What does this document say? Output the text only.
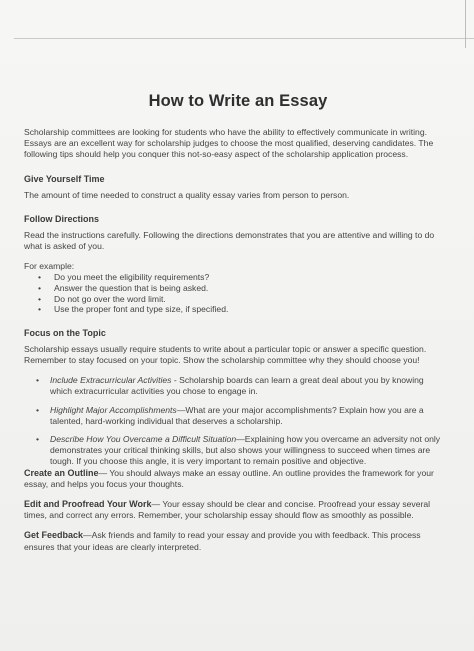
How to Write an Essay

Scholarship committees are looking for students who have the ability to effectively communicate in writing. Essays are an excellent way for scholarship judges to choose the most qualified, deserving candidates. The following tips should help you conquer this not-so-easy aspect of the scholarship application process.

Give Yourself Time

The amount of time needed to construct a quality essay varies from person to person.

Follow Directions

Read the instructions carefully. Following the directions demonstrates that you are attentive and willing to do what is asked of you.

For example:

• Do you meet the eligibility requirements?
• Answer the question that is being asked.
• Do not go over the word limit.
• Use the proper font and type size, if specified.
Focus on the Topic

Scholarship essays usually require students to write about a particular topic or answer a specific question. Remember to stay focused on your topic. Show the scholarship committee why they should choose you!

• Include Extracurricular Activities - Scholarship boards can learn a great deal about you by knowing which extracurricular activities you chose to engage in.
• Highlight Major Accomplishments—What are your major accomplishments? Explain how you are a talented, hard-working individual that deserves a scholarship.
• Describe How You Overcame a Difficult Situation—Explaining how you overcame an adversity not only demonstrates your critical thinking skills, but also shows your willingness to succeed when times are tough. If you choose this angle, it is very important to remain positive and objective.

Create an Outline— You should always make an essay outline. An outline provides the framework for your essay, and helps you focus your thoughts.

Edit and Proofread Your Work— Your essay should be clear and concise. Proofread your essay several times, and correct any errors. Remember, your scholarship essay should flow as smoothly as possible.

Get Feedback—Ask friends and family to read your essay and provide you with feedback. This process ensures that your ideas are clearly interpreted.
